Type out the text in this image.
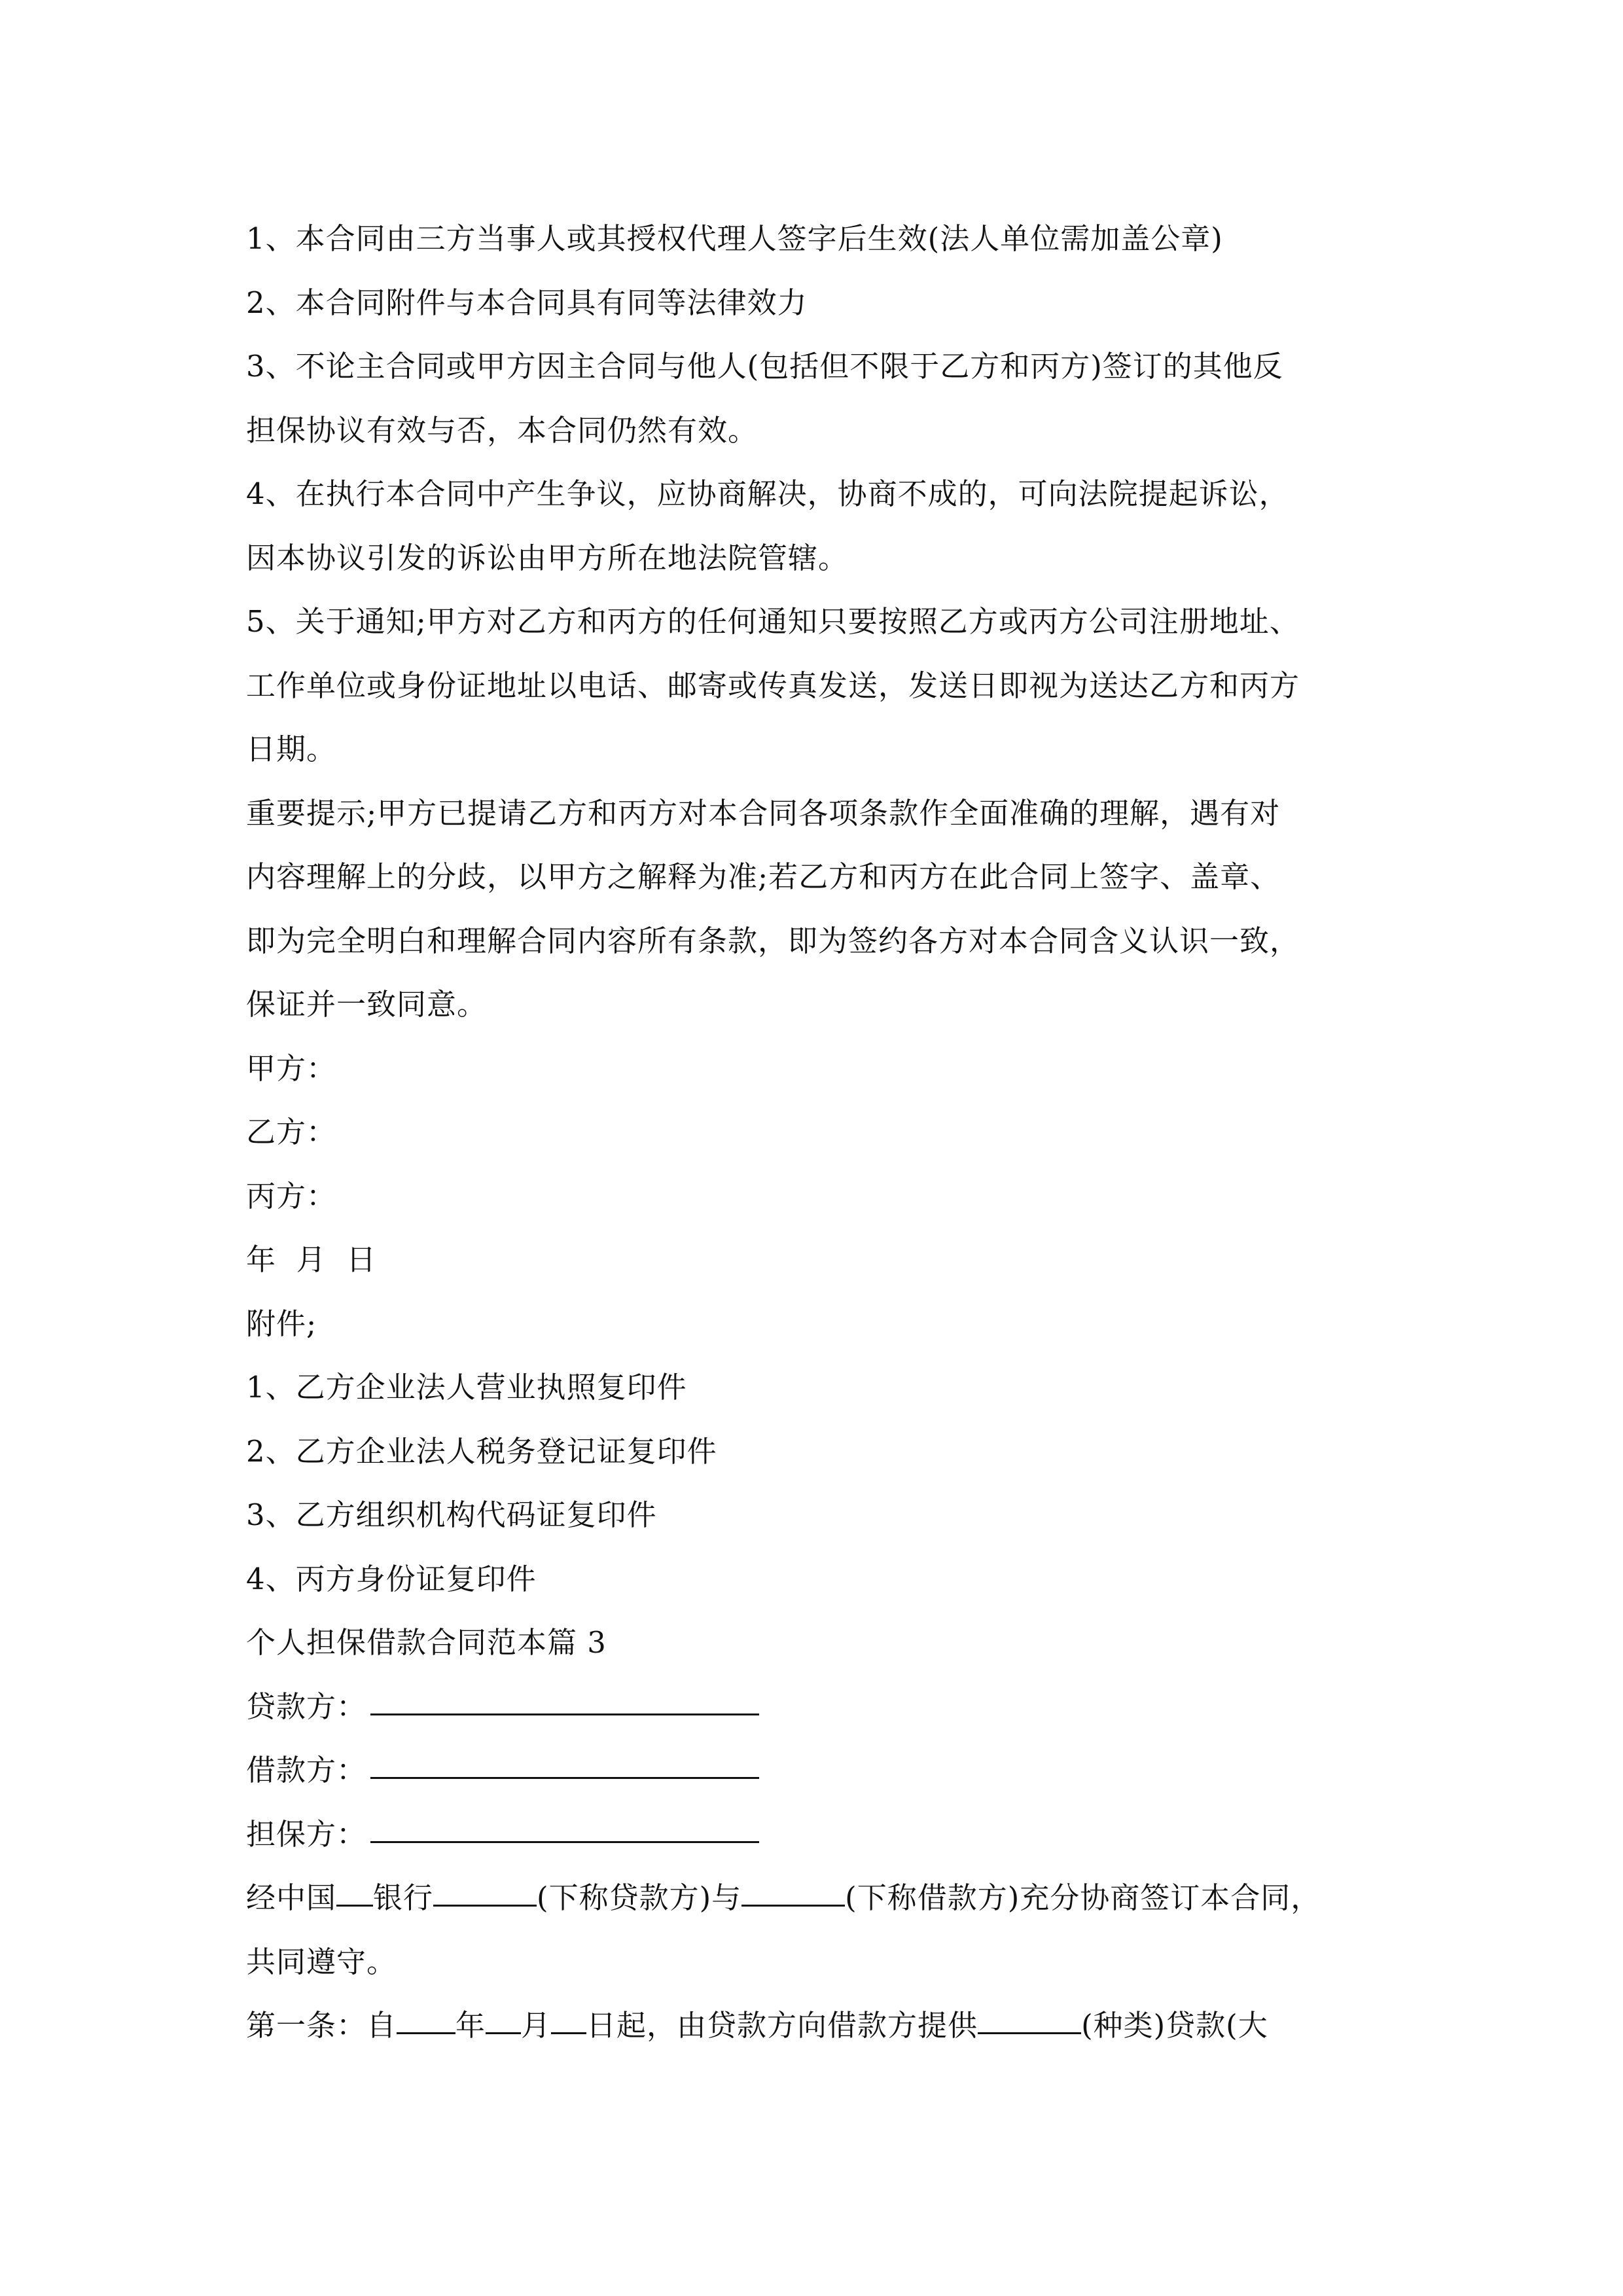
1、本合同由三方当事人或其授权代理人签字后生效(法人单位需加盖公章)
2、本合同附件与本合同具有同等法律效力
3、不论主合同或甲方因主合同与他人(包括但不限于乙方和丙方)签订的其他反
担保协议有效与否，本合同仍然有效。
4、在执行本合同中产生争议，应协商解决，协商不成的，可向法院提起诉讼，
因本协议引发的诉讼由甲方所在地法院管辖。
5、关于通知;甲方对乙方和丙方的任何通知只要按照乙方或丙方公司注册地址、
工作单位或身份证地址以电话、邮寄或传真发送，发送日即视为送达乙方和丙方
日期。
重要提示;甲方已提请乙方和丙方对本合同各项条款作全面准确的理解，遇有对
内容理解上的分歧，以甲方之解释为准;若乙方和丙方在此合同上签字、盖章、
即为完全明白和理解合同内容所有条款，即为签约各方对本合同含义认识一致，
保证并一致同意。
甲方：
乙方：
丙方：
年  月  日
附件;
1、乙方企业法人营业执照复印件
2、乙方企业法人税务登记证复印件
3、乙方组织机构代码证复印件
4、丙方身份证复印件
个人担保借款合同范本篇 3
贷款方：
借款方：
担保方：
经中国 银行	(下称贷款方)与	(下称借款方)充分协商签订本合同，
共同遵守。
第一条：自 年 月 日起，由贷款方向借款方提供	(种类)贷款(大
